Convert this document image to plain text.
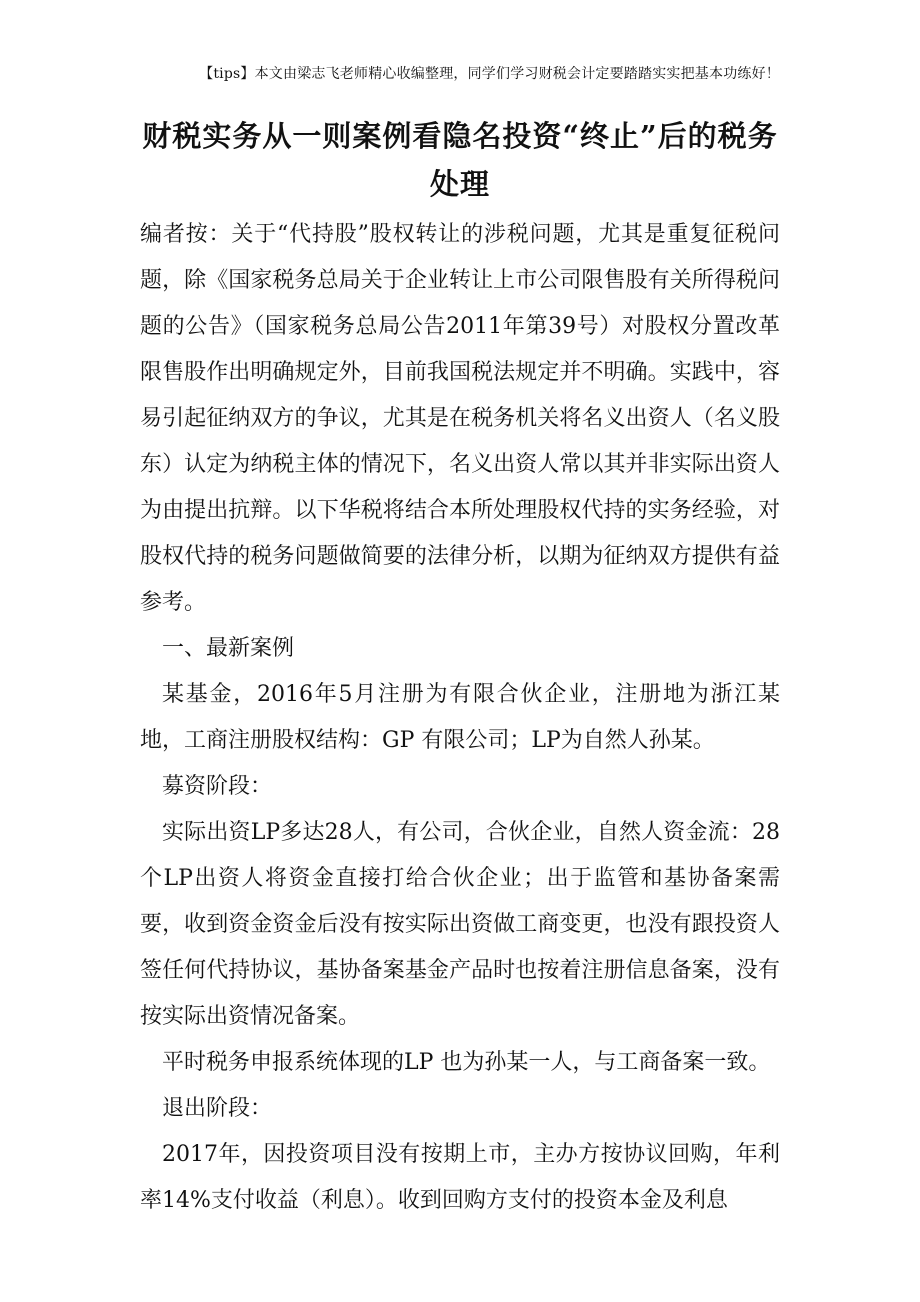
【tips】本文由梁志飞老师精心收编整理，同学们学习财税会计定要踏踏实实把基本功练好！
财税实务从一则案例看隐名投资“终止”后的税务处理

编者按：关于“代持股”股权转让的涉税问题，尤其是重复征税问题，除《国家税务总局关于企业转让上市公司限售股有关所得税问题的公告》（国家税务总局公告2011年第39号）对股权分置改革限售股作出明确规定外，目前我国税法规定并不明确。实践中，容易引起征纳双方的争议，尤其是在税务机关将名义出资人（名义股东）认定为纳税主体的情况下，名义出资人常以其并非实际出资人为由提出抗辩。以下华税将结合本所处理股权代持的实务经验，对股权代持的税务问题做简要的法律分析，以期为征纳双方提供有益参考。

一、最新案例

某基金，2016年5月注册为有限合伙企业，注册地为浙江某地，工商注册股权结构：GP 有限公司；LP为自然人孙某。

募资阶段：

实际出资LP多达28人，有公司，合伙企业，自然人资金流：28个LP出资人将资金直接打给合伙企业；出于监管和基协备案需要，收到资金资金后没有按实际出资做工商变更，也没有跟投资人签任何代持协议，基协备案基金产品时也按着注册信息备案，没有按实际出资情况备案。

平时税务申报系统体现的LP 也为孙某一人，与工商备案一致。

退出阶段：

2017年，因投资项目没有按期上市，主办方按协议回购，年利率14%支付收益（利息）。收到回购方支付的投资本金及利息
